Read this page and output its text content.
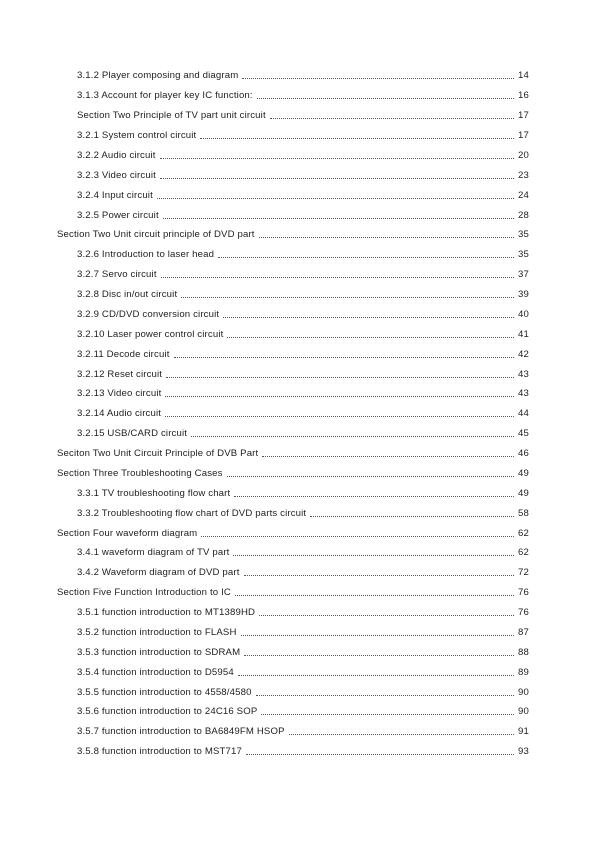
3.1.2 Player composing and diagram	14
3.1.3 Account for player key IC function:	16
Section Two Principle of TV part unit circuit	17
3.2.1 System control circuit	17
3.2.2 Audio circuit	20
3.2.3 Video circuit	23
3.2.4 Input circuit	24
3.2.5 Power circuit	28
Section Two Unit circuit principle of DVD part	35
3.2.6 Introduction to laser head	35
3.2.7 Servo circuit	37
3.2.8 Disc in/out circuit	39
3.2.9 CD/DVD conversion circuit	40
3.2.10 Laser power control circuit	41
3.2.11 Decode circuit	42
3.2.12 Reset circuit	43
3.2.13 Video circuit	43
3.2.14 Audio circuit	44
3.2.15 USB/CARD circuit	45
Seciton Two Unit Circuit Principle of DVB Part	46
Section Three Troubleshooting Cases	49
3.3.1 TV troubleshooting flow chart	49
3.3.2 Troubleshooting flow chart of DVD parts circuit	58
Section Four waveform diagram	62
3.4.1 waveform diagram of TV part	62
3.4.2 Waveform diagram of DVD part	72
Section Five Function Introduction to IC	76
3.5.1 function introduction to MT1389HD	76
3.5.2 function introduction to FLASH	87
3.5.3 function introduction to SDRAM	88
3.5.4 function introduction to D5954	89
3.5.5 function introduction to 4558/4580	90
3.5.6 function introduction to 24C16 SOP	90
3.5.7 function introduction to BA6849FM HSOP	91
3.5.8 function introduction to MST717	93
